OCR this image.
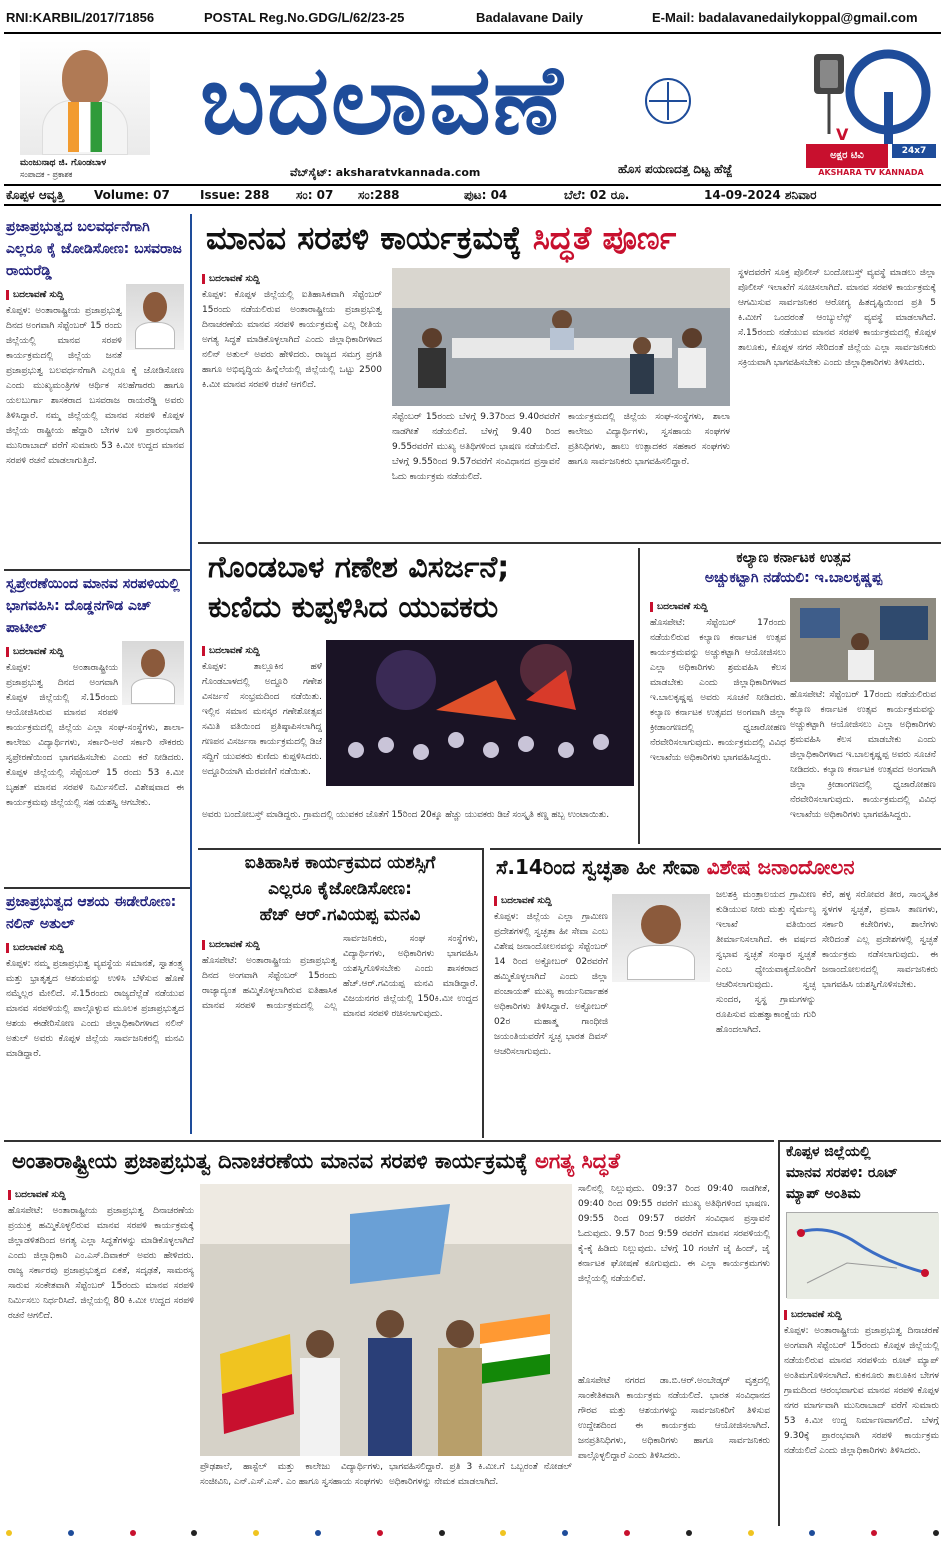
RNI:KARBIL/2017/71856	POSTAL Reg.No.GDG/L/62/23-25	Badalavane Daily	E-Mail: badalavanedailykoppal@gmail.com
ಮಂಜುನಾಥ ಜಿ. ಗೊಂಡಬಾಳ
ಸಂಪಾದಕ - ಪ್ರಕಾಶಕ
ಬದಲಾವಣೆ
ವೆಬ್‌ಸೈಟ್: aksharatvkannada.com	ಹೊಸ ಪಯಣದತ್ತ ದಿಟ್ಟ ಹೆಜ್ಜೆ
V
ಅಕ್ಷರ ಟಿವಿ	24x7
AKSHARA TV KANNADA
ಕೊಪ್ಪಳ ಆವೃತ್ತಿ Volume: 07	Issue: 288 ಸಂ: 07 ಸಂ:288	ಪುಟ: 04	ಬೆಲೆ: 02 ರೂ.	14-09-2024 ಶನಿವಾರ
ಪ್ರಜಾಪ್ರಭುತ್ವದ ಬಲವರ್ಧನೆಗಾಗಿ ಎಲ್ಲರೂ ಕೈ ಜೋಡಿಸೋಣ: ಬಸವರಾಜ ರಾಯರೆಡ್ಡಿ
ಬದಲಾವಣೆ ಸುದ್ದಿ
ಕೊಪ್ಪಳ: ಅಂತಾರಾಷ್ಟ್ರೀಯ ಪ್ರಜಾಪ್ರಭುತ್ವ ದಿನದ ಅಂಗವಾಗಿ ಸೆಪ್ಟೆಂಬರ್ 15 ರಂದು ಜಿಲ್ಲೆಯಲ್ಲಿ ಮಾನವ ಸರಪಳಿ ಕಾರ್ಯಕ್ರಮದಲ್ಲಿ ಜಿಲ್ಲೆಯ ಜನತೆ ಪ್ರಜಾಪ್ರಭುತ್ವ ಬಲವರ್ಧನೆಗಾಗಿ ಎಲ್ಲರೂ ಕೈ ಜೋಡಿಸೋಣ ಎಂದು ಮುಖ್ಯಮಂತ್ರಿಗಳ ಆರ್ಥಿಕ ಸಲಹೆಗಾರರು ಹಾಗೂ ಯಲಬುರ್ಗಾ ಶಾಸಕರಾದ ಬಸವರಾಜ ರಾಯರೆಡ್ಡಿ ಅವರು ತಿಳಿಸಿದ್ದಾರೆ. ನಮ್ಮ ಜಿಲ್ಲೆಯಲ್ಲಿ ಮಾನವ ಸರಪಳಿ ಕೊಪ್ಪಳ ಜಿಲ್ಲೆಯ ರಾಷ್ಟ್ರೀಯ ಹೆದ್ದಾರಿ ಬೇಗಳ ಬಳಿ ಪ್ರಾರಂಭವಾಗಿ ಮುನಿರಾಬಾದ್ ವರೆಗೆ ಸುಮಾರು 53 ಕಿ.ಮೀ ಉದ್ದದ ಮಾನವ ಸರಪಳಿ ರಚನೆ ಮಾಡಲಾಗುತ್ತಿದೆ.
ಸ್ವಪ್ರೇರಣೆಯಿಂದ ಮಾನವ ಸರಪಳಿಯಲ್ಲಿ ಭಾಗವಹಿಸಿ: ದೊಡ್ಡನಗೌಡ ಎಚ್ ಪಾಟೀಲ್
ಬದಲಾವಣೆ ಸುದ್ದಿ
ಕೊಪ್ಪಳ: ಅಂತಾರಾಷ್ಟ್ರೀಯ ಪ್ರಜಾಪ್ರಭುತ್ವ ದಿನದ ಅಂಗವಾಗಿ ಕೊಪ್ಪಳ ಜಿಲ್ಲೆಯಲ್ಲಿ ಸೆ.15ರಂದು ಆಯೋಜಿಸಿರುವ ಮಾನವ ಸರಪಳಿ ಕಾರ್ಯಕ್ರಮದಲ್ಲಿ ಜಿಲ್ಲೆಯ ಎಲ್ಲಾ ಸಂಘ-ಸಂಸ್ಥೆಗಳು, ಶಾಲಾ-ಕಾಲೇಜು ವಿದ್ಯಾರ್ಥಿಗಳು, ಸರ್ಕಾರಿ-ಅರೆ ಸರ್ಕಾರಿ ನೌಕರರು ಸ್ವಪ್ರೇರಣೆಯಿಂದ ಭಾಗವಹಿಸಬೇಕು ಎಂದು ಕರೆ ನೀಡಿದರು. ಕೊಪ್ಪಳ ಜಿಲ್ಲೆಯಲ್ಲಿ ಸೆಪ್ಟೆಂಬರ್ 15 ರಂದು 53 ಕಿ.ಮೀ ಬೃಹತ್ ಮಾನವ ಸರಪಳಿ ನಿರ್ಮಿಸಲಿದೆ. ವಿಶೇಷವಾದ ಈ ಕಾರ್ಯಕ್ರಮವು ಜಿಲ್ಲೆಯಲ್ಲಿ ಸಹ ಯಶಸ್ವಿ ಆಗಬೇಕು.
ಪ್ರಜಾಪ್ರಭುತ್ವದ ಆಶಯ ಈಡೇರೋಣ: ನಲಿನ್ ಅತುಲ್
ಬದಲಾವಣೆ ಸುದ್ದಿ
ಕೊಪ್ಪಳ: ನಮ್ಮ ಪ್ರಜಾಪ್ರಭುತ್ವ ವ್ಯವಸ್ಥೆಯ ಸಮಾನತೆ, ಸ್ವಾತಂತ್ರ್ಯ ಮತ್ತು ಭ್ರಾತೃತ್ವದ ಆಶಯವನ್ನು ಉಳಿಸಿ ಬೆಳೆಸುವ ಹೊಣೆ ನಮ್ಮೆಲ್ಲರ ಮೇಲಿದೆ. ಸೆ.15ರಂದು ರಾಜ್ಯದೆಲ್ಲೆಡೆ ನಡೆಯುವ ಮಾನವ ಸರಪಳಿಯಲ್ಲಿ ಪಾಲ್ಗೊಳ್ಳುವ ಮೂಲಕ ಪ್ರಜಾಪ್ರಭುತ್ವದ ಆಶಯ ಈಡೇರಿಸೋಣ ಎಂದು ಜಿಲ್ಲಾಧಿಕಾರಿಗಳಾದ ನಲಿನ್ ಅತುಲ್ ಅವರು ಕೊಪ್ಪಳ ಜಿಲ್ಲೆಯ ಸಾರ್ವಜನಿಕರಲ್ಲಿ ಮನವಿ ಮಾಡಿದ್ದಾರೆ.
ಮಾನವ ಸರಪಳಿ ಕಾರ್ಯಕ್ರಮಕ್ಕೆ ಸಿದ್ಧತೆ ಪೂರ್ಣ
ಬದಲಾವಣೆ ಸುದ್ದಿ
ಕೊಪ್ಪಳ: ಕೊಪ್ಪಳ ಜಿಲ್ಲೆಯಲ್ಲಿ ಐತಿಹಾಸಿಕವಾಗಿ ಸೆಪ್ಟೆಂಬರ್ 15ರಂದು ನಡೆಯಲಿರುವ ಅಂತಾರಾಷ್ಟ್ರೀಯ ಪ್ರಜಾಪ್ರಭುತ್ವ ದಿನಾಚರಣೆಯ ಮಾನವ ಸರಪಳಿ ಕಾರ್ಯಕ್ರಮಕ್ಕೆ ಎಲ್ಲ ರೀತಿಯ ಅಗತ್ಯ ಸಿದ್ಧತೆ ಮಾಡಿಕೊಳ್ಳಲಾಗಿದೆ ಎಂದು ಜಿಲ್ಲಾಧಿಕಾರಿಗಳಾದ ನಲಿನ್ ಅತುಲ್ ಅವರು ಹೇಳಿದರು. ರಾಜ್ಯದ ಸಮಗ್ರ ಪ್ರಗತಿ ಹಾಗೂ ಅಭಿವೃದ್ಧಿಯ ಹಿನ್ನೆಲೆಯಲ್ಲಿ ಜಿಲ್ಲೆಯಲ್ಲಿ ಒಟ್ಟು 2500 ಕಿ.ಮೀ ಮಾನವ ಸರಪಳಿ ರಚನೆ ಆಗಲಿದೆ.
ಸೆಪ್ಟೆಂಬರ್ 15ರಂದು ಬೆಳಗ್ಗೆ 9.37ರಿಂದ 9.40ರವರೆಗೆ ನಾಡಗೀತೆ ನಡೆಯಲಿದೆ. ಬೆಳಗ್ಗೆ 9.40 ರಿಂದ 9.55ರವರೆಗೆ ಮುಖ್ಯ ಅತಿಥಿಗಳಿಂದ ಭಾಷಣ ನಡೆಯಲಿದೆ. ಬೆಳಗ್ಗೆ 9.55ರಿಂದ 9.57ರವರೆಗೆ ಸಂವಿಧಾನದ ಪ್ರಸ್ತಾವನೆ ಓದು ಕಾರ್ಯಕ್ರಮ ನಡೆಯಲಿದೆ.
ಕಾರ್ಯಕ್ರಮದಲ್ಲಿ ಜಿಲ್ಲೆಯ ಸಂಘ-ಸಂಸ್ಥೆಗಳು, ಶಾಲಾ ಕಾಲೇಜು ವಿದ್ಯಾರ್ಥಿಗಳು, ಸ್ವಸಹಾಯ ಸಂಘಗಳ ಪ್ರತಿನಿಧಿಗಳು, ಹಾಲು ಉತ್ಪಾದಕರ ಸಹಕಾರ ಸಂಘಗಳು ಹಾಗೂ ಸಾರ್ವಜನಿಕರು ಭಾಗವಹಿಸಲಿದ್ದಾರೆ.
ಸ್ಥಳದವರೆಗೆ ಸೂಕ್ತ ಪೊಲೀಸ್ ಬಂದೋಬಸ್ತ್ ವ್ಯವಸ್ಥೆ ಮಾಡಲು ಜಿಲ್ಲಾ ಪೊಲೀಸ್ ಇಲಾಖೆಗೆ ಸೂಚಿಸಲಾಗಿದೆ. ಮಾನವ ಸರಪಳಿ ಕಾರ್ಯಕ್ರಮಕ್ಕೆ ಆಗಮಿಸುವ ಸಾರ್ವಜನಿಕರ ಆರೋಗ್ಯ ಹಿತದೃಷ್ಟಿಯಿಂದ ಪ್ರತಿ 5 ಕಿ.ಮೀಗೆ ಒಂದರಂತೆ ಆಂಬ್ಯುಲೆನ್ಸ್ ವ್ಯವಸ್ಥೆ ಮಾಡಲಾಗಿದೆ. ಸೆ.15ರಂದು ನಡೆಯುವ ಮಾನವ ಸರಪಳಿ ಕಾರ್ಯಕ್ರಮದಲ್ಲಿ ಕೊಪ್ಪಳ ತಾಲೂಕು, ಕೊಪ್ಪಳ ನಗರ ಸೇರಿದಂತೆ ಜಿಲ್ಲೆಯ ಎಲ್ಲಾ ಸಾರ್ವಜನಿಕರು ಸಕ್ರಿಯವಾಗಿ ಭಾಗವಹಿಸಬೇಕು ಎಂದು ಜಿಲ್ಲಾಧಿಕಾರಿಗಳು ತಿಳಿಸಿದರು.
ಗೊಂಡಬಾಳ ಗಣೇಶ ವಿಸರ್ಜನೆ;
ಕುಣಿದು ಕುಪ್ಪಳಿಸಿದ ಯುವಕರು
ಬದಲಾವಣೆ ಸುದ್ದಿ
ಕೊಪ್ಪಳ: ತಾಲ್ಲೂಕಿನ ಹಳೆ ಗೊಂಡಬಾಳದಲ್ಲಿ ಅದ್ದೂರಿ ಗಣೇಶ ವಿಸರ್ಜನೆ ಸಂಭ್ರಮದಿಂದ ನಡೆಯಿತು. ಇಲ್ಲಿನ ಸಮಾನ ಮನಸ್ಕರ ಗಣೇಶೋತ್ಸವ ಸಮಿತಿ ವತಿಯಿಂದ ಪ್ರತಿಷ್ಠಾಪಿಸಲಾಗಿದ್ದ ಗಣಪನ ವಿಸರ್ಜನಾ ಕಾರ್ಯಕ್ರಮದಲ್ಲಿ ಡಿಜೆ ಸದ್ದಿಗೆ ಯುವಕರು ಕುಣಿದು ಕುಪ್ಪಳಿಸಿದರು. ಅದ್ದೂರಿಯಾಗಿ ಮೆರವಣಿಗೆ ನಡೆಯಿತು.
ಅವರು ಬಂದೋಬಸ್ತ್ ಮಾಡಿದ್ದರು. ಗ್ರಾಮದಲ್ಲಿ ಯುವಕರ ಜೊತೆಗೆ 15ರಿಂದ 20ಕ್ಕೂ ಹೆಚ್ಚು ಯುವಕರು ಡಿಜೆ ಸಂಸ್ಕೃತಿ ಕಣ್ಣ ಹಬ್ಬ ಉಂಟಾಯಿತು.
ಕಲ್ಯಾಣ ಕರ್ನಾಟಕ ಉತ್ಸವ
ಅಚ್ಚುಕಟ್ಟಾಗಿ ನಡೆಯಲಿ: ಇ.ಬಾಲಕೃಷ್ಣಪ್ಪ
ಬದಲಾವಣೆ ಸುದ್ದಿ
ಹೊಸಪೇಟೆ: ಸೆಪ್ಟೆಂಬರ್ 17ರಂದು ನಡೆಯಲಿರುವ ಕಲ್ಯಾಣ ಕರ್ನಾಟಕ ಉತ್ಸವ ಕಾರ್ಯಕ್ರಮವನ್ನು ಅಚ್ಚುಕಟ್ಟಾಗಿ ಆಯೋಜಿಸಲು ಎಲ್ಲಾ ಅಧಿಕಾರಿಗಳು ಶ್ರಮವಹಿಸಿ ಕೆಲಸ ಮಾಡಬೇಕು ಎಂದು ಜಿಲ್ಲಾಧಿಕಾರಿಗಳಾದ ಇ.ಬಾಲಕೃಷ್ಣಪ್ಪ ಅವರು ಸೂಚನೆ ನೀಡಿದರು. ಕಲ್ಯಾಣ ಕರ್ನಾಟಕ ಉತ್ಸವದ ಅಂಗವಾಗಿ ಜಿಲ್ಲಾ ಕ್ರೀಡಾಂಗಣದಲ್ಲಿ ಧ್ವಜಾರೋಹಣ ನೆರವೇರಿಸಲಾಗುವುದು. ಕಾರ್ಯಕ್ರಮದಲ್ಲಿ ವಿವಿಧ ಇಲಾಖೆಯ ಅಧಿಕಾರಿಗಳು ಭಾಗವಹಿಸಿದ್ದರು.
ಹೊಸಪೇಟೆ: ಸೆಪ್ಟೆಂಬರ್ 17ರಂದು ನಡೆಯಲಿರುವ ಕಲ್ಯಾಣ ಕರ್ನಾಟಕ ಉತ್ಸವ ಕಾರ್ಯಕ್ರಮವನ್ನು ಅಚ್ಚುಕಟ್ಟಾಗಿ ಆಯೋಜಿಸಲು ಎಲ್ಲಾ ಅಧಿಕಾರಿಗಳು ಶ್ರಮವಹಿಸಿ ಕೆಲಸ ಮಾಡಬೇಕು ಎಂದು ಜಿಲ್ಲಾಧಿಕಾರಿಗಳಾದ ಇ.ಬಾಲಕೃಷ್ಣಪ್ಪ ಅವರು ಸೂಚನೆ ನೀಡಿದರು. ಕಲ್ಯಾಣ ಕರ್ನಾಟಕ ಉತ್ಸವದ ಅಂಗವಾಗಿ ಜಿಲ್ಲಾ ಕ್ರೀಡಾಂಗಣದಲ್ಲಿ ಧ್ವಜಾರೋಹಣ ನೆರವೇರಿಸಲಾಗುವುದು. ಕಾರ್ಯಕ್ರಮದಲ್ಲಿ ವಿವಿಧ ಇಲಾಖೆಯ ಅಧಿಕಾರಿಗಳು ಭಾಗವಹಿಸಿದ್ದರು.
ಐತಿಹಾಸಿಕ ಕಾರ್ಯಕ್ರಮದ ಯಶಸ್ಸಿಗೆ
ಎಲ್ಲರೂ ಕೈಜೋಡಿಸೋಣ:
ಹೆಚ್ ಆರ್.ಗವಿಯಪ್ಪ ಮನವಿ
ಬದಲಾವಣೆ ಸುದ್ದಿ
ಹೊಸಪೇಟೆ: ಅಂತಾರಾಷ್ಟ್ರೀಯ ಪ್ರಜಾಪ್ರಭುತ್ವ ದಿನದ ಅಂಗವಾಗಿ ಸೆಪ್ಟೆಂಬರ್ 15ರಂದು ರಾಜ್ಯಾದ್ಯಂತ ಹಮ್ಮಿಕೊಳ್ಳಲಾಗಿರುವ ಐತಿಹಾಸಿಕ ಮಾನವ ಸರಪಳಿ ಕಾರ್ಯಕ್ರಮದಲ್ಲಿ ಎಲ್ಲ ಸಾರ್ವಜನಿಕರು, ಸಂಘ ಸಂಸ್ಥೆಗಳು, ವಿದ್ಯಾರ್ಥಿಗಳು, ಅಧಿಕಾರಿಗಳು ಭಾಗವಹಿಸಿ ಯಶಸ್ವಿಗೊಳಿಸಬೇಕು ಎಂದು ಶಾಸಕರಾದ ಹೆಚ್.ಆರ್.ಗವಿಯಪ್ಪ ಮನವಿ ಮಾಡಿದ್ದಾರೆ. ವಿಜಯನಗರ ಜಿಲ್ಲೆಯಲ್ಲಿ 150ಕಿ.ಮೀ ಉದ್ದದ ಮಾನವ ಸರಪಳಿ ರಚಿಸಲಾಗುವುದು.
ಸೆ.14ರಿಂದ ಸ್ವಚ್ಛತಾ ಹೀ ಸೇವಾ ವಿಶೇಷ ಜನಾಂದೋಲನ
ಬದಲಾವಣೆ ಸುದ್ದಿ
ಕೊಪ್ಪಳ: ಜಿಲ್ಲೆಯ ಎಲ್ಲಾ ಗ್ರಾಮೀಣ ಪ್ರದೇಶಗಳಲ್ಲಿ ಸ್ವಚ್ಛತಾ ಹೀ ಸೇವಾ ಎಂಬ ವಿಶೇಷ ಜನಾಂದೋಲನವನ್ನು ಸೆಪ್ಟೆಂಬರ್ 14 ರಿಂದ ಅಕ್ಟೋಬರ್ 02ರವರೆಗೆ ಹಮ್ಮಿಕೊಳ್ಳಲಾಗಿದೆ ಎಂದು ಜಿಲ್ಲಾ ಪಂಚಾಯತ್ ಮುಖ್ಯ ಕಾರ್ಯನಿರ್ವಾಹಕ ಅಧಿಕಾರಿಗಳು ತಿಳಿಸಿದ್ದಾರೆ. ಅಕ್ಟೋಬರ್ 02ರ ಮಹಾತ್ಮ ಗಾಂಧೀಜಿ ಜಯಂತಿಯವರೆಗೆ ಸ್ವಚ್ಛ ಭಾರತ ದಿವಸ್ ಆಚರಿಸಲಾಗುವುದು.
ಜಲಶಕ್ತಿ ಮಂತ್ರಾಲಯದ ಗ್ರಾಮೀಣ ಕುಡಿಯುವ ನೀರು ಮತ್ತು ನೈರ್ಮಲ್ಯ ಇಲಾಖೆ ವತಿಯಿಂದ ತೀರ್ಮಾನಿಸಲಾಗಿದೆ. ಈ ವರ್ಷದ ಸ್ವಭಾವ ಸ್ವಚ್ಛತೆ ಸಂಸ್ಕಾರ ಸ್ವಚ್ಛತೆ ಎಂಬ ಧ್ಯೇಯವಾಕ್ಯದೊಂದಿಗೆ ಆಚರಿಸಲಾಗುವುದು. ಸ್ವಚ್ಛ ಸುಂದರ, ಸ್ವಸ್ಥ ಗ್ರಾಮಗಳನ್ನು ರೂಪಿಸುವ ಮಹತ್ವಾಕಾಂಕ್ಷೆಯ ಗುರಿ ಹೊಂದಲಾಗಿದೆ.
ಕೆರೆ, ಹಳ್ಳ ಸರೋವರ ತೀರ, ಸಾಂಸ್ಕೃತಿಕ ಸ್ಥಳಗಳ ಸ್ವಚ್ಛತೆ, ಪ್ರವಾಸಿ ತಾಣಗಳು, ಸರ್ಕಾರಿ ಕಚೇರಿಗಳು, ಶಾಲೆಗಳು ಸೇರಿದಂತೆ ಎಲ್ಲ ಪ್ರದೇಶಗಳಲ್ಲಿ ಸ್ವಚ್ಛತೆ ಕಾರ್ಯಕ್ರಮ ನಡೆಸಲಾಗುವುದು. ಈ ಜನಾಂದೋಲನದಲ್ಲಿ ಸಾರ್ವಜನಿಕರು ಭಾಗವಹಿಸಿ ಯಶಸ್ವಿಗೊಳಿಸಬೇಕು.
ಅಂತಾರಾಷ್ಟ್ರೀಯ ಪ್ರಜಾಪ್ರಭುತ್ವ ದಿನಾಚರಣೆಯ ಮಾನವ ಸರಪಳಿ ಕಾರ್ಯಕ್ರಮಕ್ಕೆ ಅಗತ್ಯ ಸಿದ್ಧತೆ
ಬದಲಾವಣೆ ಸುದ್ದಿ
ಹೊಸಪೇಟೆ: ಅಂತಾರಾಷ್ಟ್ರೀಯ ಪ್ರಜಾಪ್ರಭುತ್ವ ದಿನಾಚರಣೆಯ ಪ್ರಯುಕ್ತ ಹಮ್ಮಿಕೊಳ್ಳಲಿರುವ ಮಾನವ ಸರಪಳಿ ಕಾರ್ಯಕ್ರಮಕ್ಕೆ ಜಿಲ್ಲಾಡಳಿತದಿಂದ ಅಗತ್ಯ ಎಲ್ಲಾ ಸಿದ್ಧತೆಗಳನ್ನು ಮಾಡಿಕೊಳ್ಳಲಾಗಿದೆ ಎಂದು ಜಿಲ್ಲಾಧಿಕಾರಿ ಎಂ.ಎಸ್.ದಿವಾಕರ್ ಅವರು ಹೇಳಿದರು. ರಾಜ್ಯ ಸರ್ಕಾರವು ಪ್ರಜಾಪ್ರಭುತ್ವದ ಏಕತೆ, ಸದೃಢತೆ, ಸಾಮರಸ್ಯ ಸಾರುವ ಸಂಕೇತವಾಗಿ ಸೆಪ್ಟೆಂಬರ್ 15ರಂದು ಮಾನವ ಸರಪಳಿ ನಿರ್ಮಿಸಲು ನಿರ್ಧರಿಸಿದೆ. ಜಿಲ್ಲೆಯಲ್ಲಿ 80 ಕಿ.ಮೀ ಉದ್ದದ ಸರಪಳಿ ರಚನೆ ಆಗಲಿದೆ.
ಪ್ರೌಢಶಾಲೆ, ಹಾಸ್ಟೆಲ್ ಮತ್ತು ಕಾಲೇಜು ವಿದ್ಯಾರ್ಥಿಗಳು, ಸಂಜೀವಿನಿ, ಎನ್.ಎಸ್.ಎಸ್. ಎಂ ಹಾಗೂ ಸ್ವಸಹಾಯ ಸಂಘಗಳು ಭಾಗವಹಿಸಲಿದ್ದಾರೆ. ಪ್ರತಿ 3 ಕಿ.ಮೀ.ಗೆ ಒಬ್ಬರಂತೆ ನೋಡಲ್ ಅಧಿಕಾರಿಗಳನ್ನು ನೇಮಕ ಮಾಡಲಾಗಿದೆ.
ಸಾಲಿನಲ್ಲಿ ನಿಲ್ಲುವುದು. 09:37 ರಿಂದ 09:40 ನಾಡಗೀತೆ, 09:40 ರಿಂದ 09:55 ರವರೆಗೆ ಮುಖ್ಯ ಅತಿಥಿಗಳಿಂದ ಭಾಷಣ. 09:55 ರಿಂದ 09:57 ರವರೆಗೆ ಸಂವಿಧಾನ ಪ್ರಸ್ತಾವನೆ ಓದುವುದು. 9.57 ರಿಂದ 9:59 ರವರೆಗೆ ಮಾನವ ಸರಪಳಿಯಲ್ಲಿ ಕೈ-ಕೈ ಹಿಡಿದು ನಿಲ್ಲುವುದು. ಬೆಳಗ್ಗೆ 10 ಗಂಟೆಗೆ ಜೈ ಹಿಂದ್, ಜೈ ಕರ್ನಾಟಕ ಘೋಷಣೆ ಕೂಗುವುದು. ಈ ಎಲ್ಲಾ ಕಾರ್ಯಕ್ರಮಗಳು ಜಿಲ್ಲೆಯಲ್ಲಿ ನಡೆಯಲಿವೆ.
ಹೊಸಪೇಟೆ ನಗರದ ಡಾ.ಬಿ.ಆರ್.ಅಂಬೇಡ್ಕರ್ ವೃತ್ತದಲ್ಲಿ ಸಾಂಕೇತಿಕವಾಗಿ ಕಾರ್ಯಕ್ರಮ ನಡೆಯಲಿದೆ. ಭಾರತ ಸಂವಿಧಾನದ ಗೌರವ ಮತ್ತು ಆಶಯಗಳನ್ನು ಸಾರ್ವಜನಿಕರಿಗೆ ತಿಳಿಸುವ ಉದ್ದೇಶದಿಂದ ಈ ಕಾರ್ಯಕ್ರಮ ಆಯೋಜಿಸಲಾಗಿದೆ. ಜನಪ್ರತಿನಿಧಿಗಳು, ಅಧಿಕಾರಿಗಳು ಹಾಗೂ ಸಾರ್ವಜನಿಕರು ಪಾಲ್ಗೊಳ್ಳಲಿದ್ದಾರೆ ಎಂದು ತಿಳಿಸಿದರು.
ಕೊಪ್ಪಳ ಜಿಲ್ಲೆಯಲ್ಲಿ
ಮಾನವ ಸರಪಳಿ: ರೂಟ್
ಮ್ಯಾಪ್ ಅಂತಿಮ
ಬದಲಾವಣೆ ಸುದ್ದಿ
ಕೊಪ್ಪಳ: ಅಂತಾರಾಷ್ಟ್ರೀಯ ಪ್ರಜಾಪ್ರಭುತ್ವ ದಿನಾಚರಣೆ ಅಂಗವಾಗಿ ಸೆಪ್ಟೆಂಬರ್ 15ರಂದು ಕೊಪ್ಪಳ ಜಿಲ್ಲೆಯಲ್ಲಿ ನಡೆಯಲಿರುವ ಮಾನವ ಸರಪಳಿಯ ರೂಟ್ ಮ್ಯಾಪ್ ಅಂತಿಮಗೊಳಿಸಲಾಗಿದೆ. ಕುಕನೂರು ತಾಲೂಕಿನ ಬೇಗಳ ಗ್ರಾಮದಿಂದ ಆರಂಭವಾಗುವ ಮಾನವ ಸರಪಳಿ ಕೊಪ್ಪಳ ನಗರ ಮಾರ್ಗವಾಗಿ ಮುನಿರಾಬಾದ್ ವರೆಗೆ ಸುಮಾರು 53 ಕಿ.ಮೀ ಉದ್ದ ನಿರ್ಮಾಣವಾಗಲಿದೆ. ಬೆಳಗ್ಗೆ 9.30ಕ್ಕೆ ಪ್ರಾರಂಭವಾಗಿ ಸರಪಳಿ ಕಾರ್ಯಕ್ರಮ ನಡೆಯಲಿದೆ ಎಂದು ಜಿಲ್ಲಾಧಿಕಾರಿಗಳು ತಿಳಿಸಿದರು.
